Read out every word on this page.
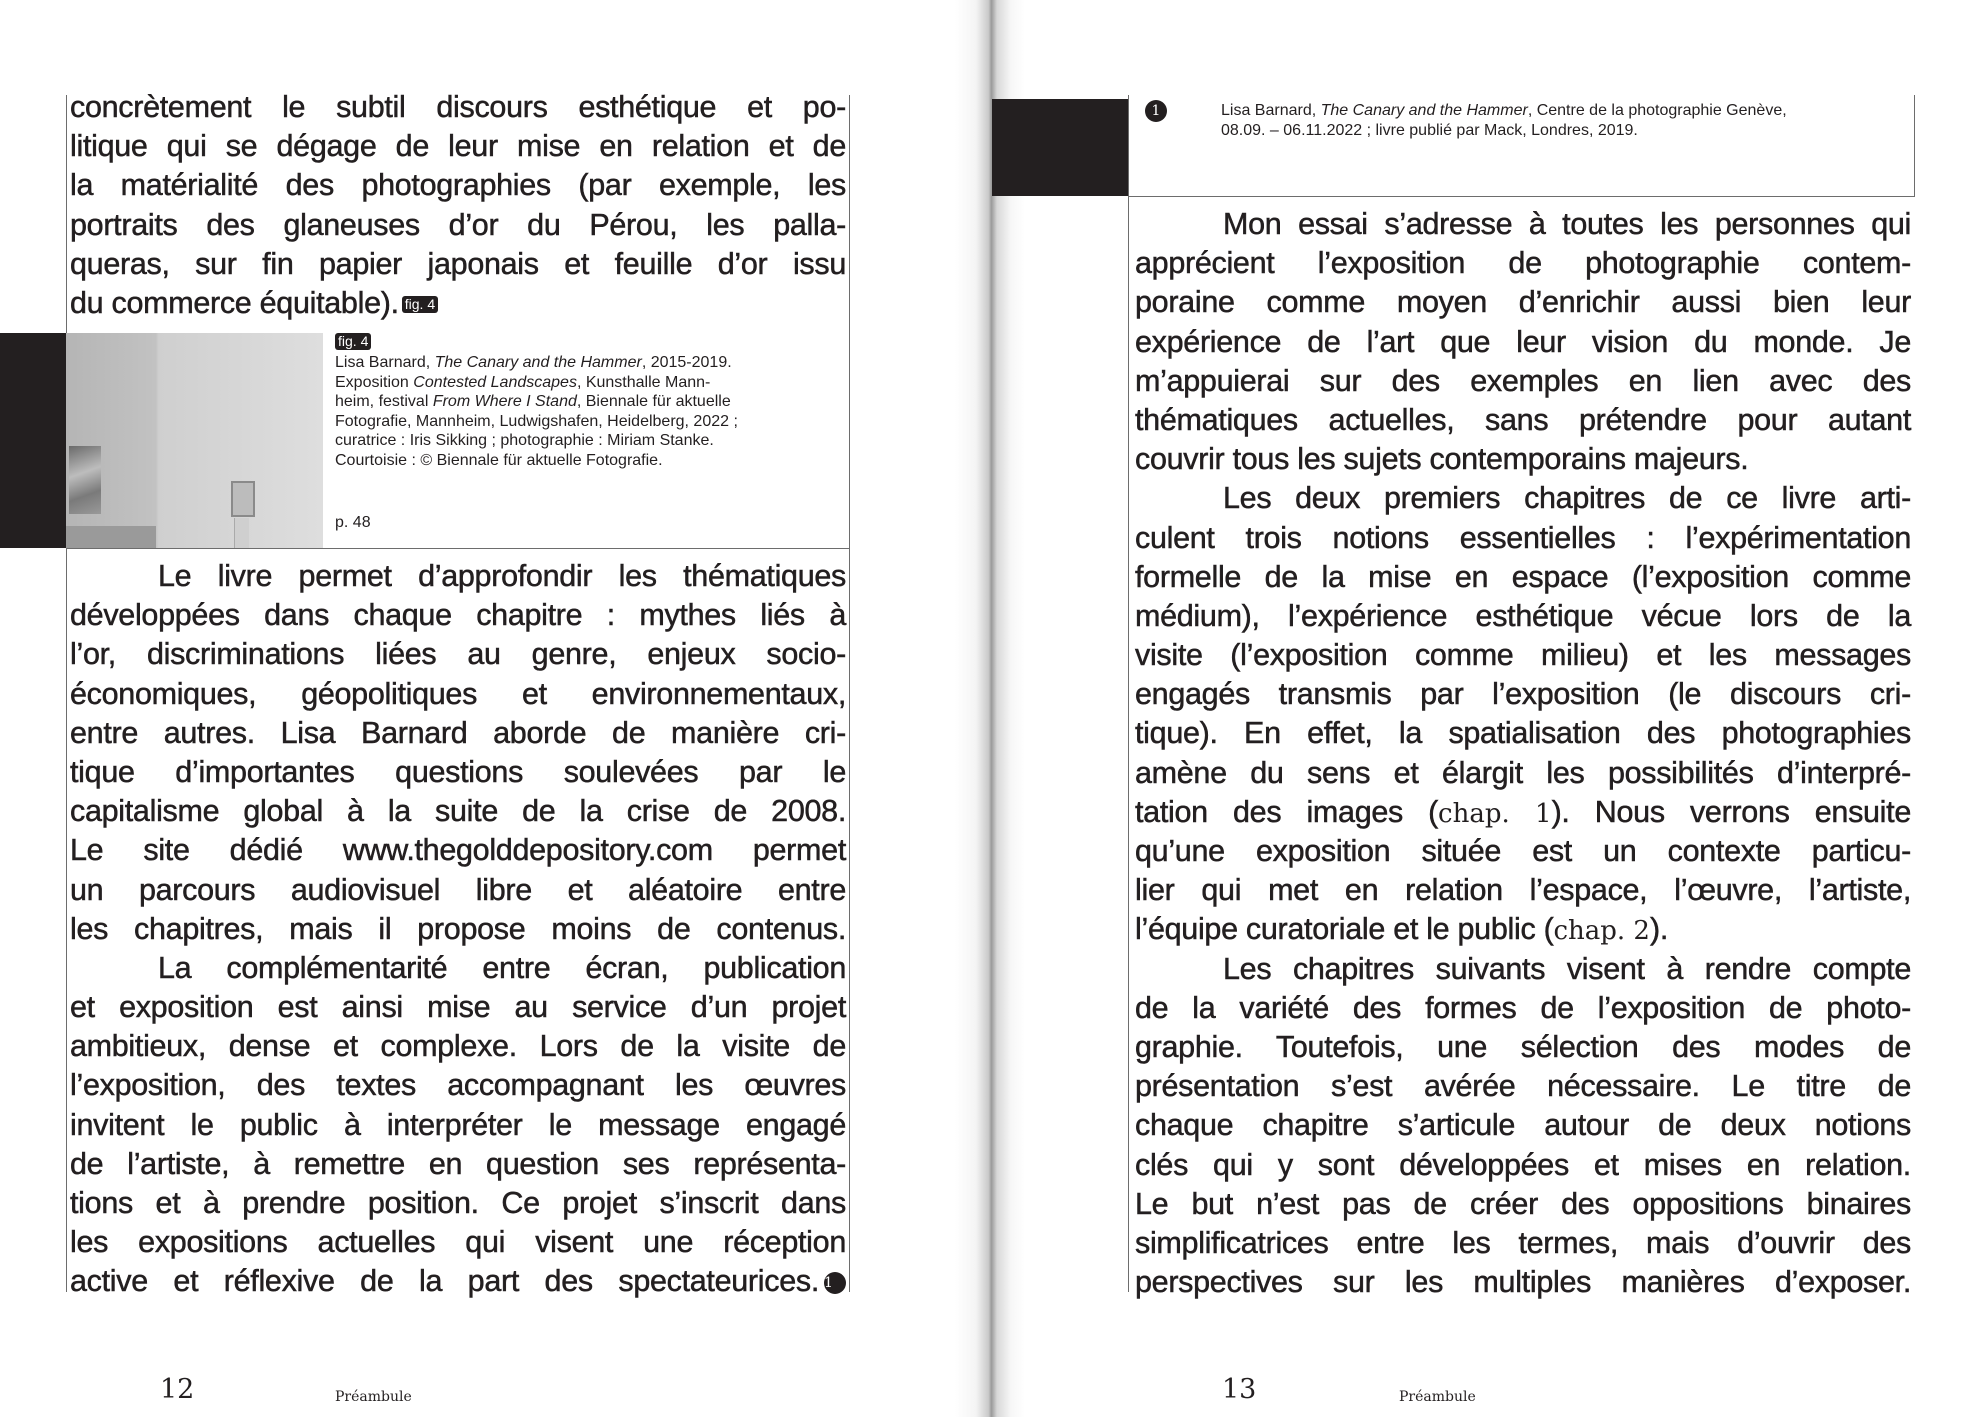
concrètement le subtil discours esthétique et po-
litique qui se dégage de leur mise en relation et de
la matérialité des photographies (par exemple, les
portraits des glaneuses d’or du Pérou, les palla-
queras, sur fin papier japonais et feuille d’or issu
du commerce équitable). fig. 4
fig. 4
Lisa Barnard, The Canary and the Hammer, 2015-2019.
Exposition Contested Landscapes, Kunsthalle Mann-
heim, festival From Where I Stand, Biennale für aktuelle
Fotografie, Mannheim, Ludwigshafen, Heidelberg, 2022 ;
curatrice : Iris Sikking ; photographie : Miriam Stanke.
Courtoisie : © Biennale für aktuelle Fotografie.
p. 48
Le livre permet d’approfondir les thématiques
développées dans chaque chapitre : mythes liés à
l’or, discriminations liées au genre, enjeux socio-
économiques, géopolitiques et environnementaux,
entre autres. Lisa Barnard aborde de manière cri-
tique d’importantes questions soulevées par le
capitalisme global à la suite de la crise de 2008.
Le site dédié www.thegolddepository.com permet
un parcours audiovisuel libre et aléatoire entre
les chapitres, mais il propose moins de contenus.
La complémentarité entre écran, publication
et exposition est ainsi mise au service d’un projet
ambitieux, dense et complexe. Lors de la visite de
l’exposition, des textes accompagnant les œuvres
invitent le public à interpréter le message engagé
de l’artiste, à remettre en question ses représenta-
tions et à prendre position. Ce projet s’inscrit dans
les expositions actuelles qui visent une réception
active et réflexive de la part des spectateurices. 1
12	Préambule
1	Lisa Barnard, The Canary and the Hammer, Centre de la photographie Genève,
08.09. – 06.11.2022 ; livre publié par Mack, Londres, 2019.
Mon essai s’adresse à toutes les personnes qui
apprécient l’exposition de photographie contem-
poraine comme moyen d’enrichir aussi bien leur
expérience de l’art que leur vision du monde. Je
m’appuierai sur des exemples en lien avec des
thématiques actuelles, sans prétendre pour autant
couvrir tous les sujets contemporains majeurs.
Les deux premiers chapitres de ce livre arti-
culent trois notions essentielles : l’expérimentation
formelle de la mise en espace (l’exposition comme
médium), l’expérience esthétique vécue lors de la
visite (l’exposition comme milieu) et les messages
engagés transmis par l’exposition (le discours cri-
tique). En effet, la spatialisation des photographies
amène du sens et élargit les possibilités d’interpré-
tation des images (chap. 1). Nous verrons ensuite
qu’une exposition située est un contexte particu-
lier qui met en relation l’espace, l’œuvre, l’artiste,
l’équipe curatoriale et le public (chap. 2).
Les chapitres suivants visent à rendre compte
de la variété des formes de l’exposition de photo-
graphie. Toutefois, une sélection des modes de
présentation s’est avérée nécessaire. Le titre de
chaque chapitre s’articule autour de deux notions
clés qui y sont développées et mises en relation.
Le but n’est pas de créer des oppositions binaires
simplificatrices entre les termes, mais d’ouvrir des
perspectives sur les multiples manières d’exposer.
13	Préambule
